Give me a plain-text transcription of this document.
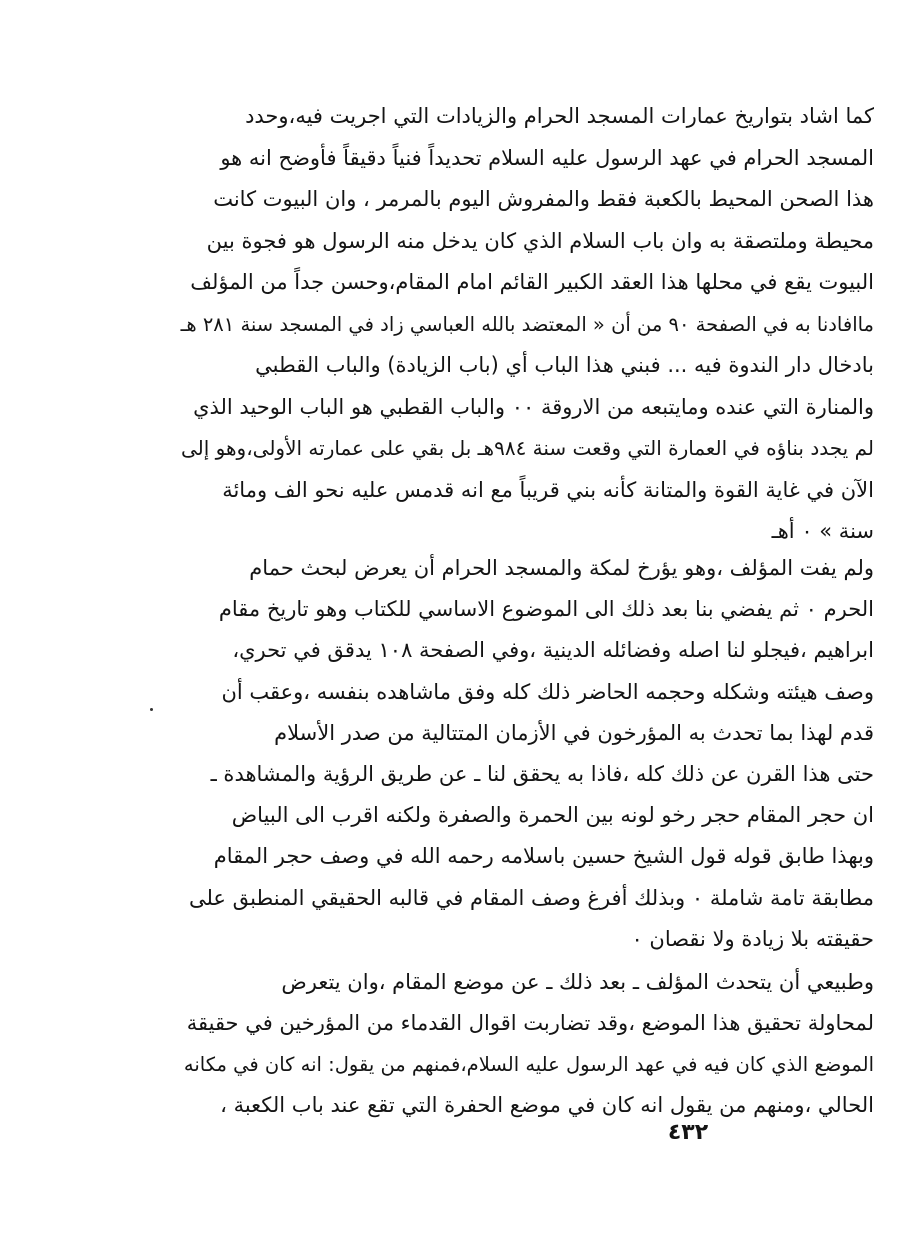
كما اشاد بتواريخ عمارات المسجد الحرام والزيادات التي اجريت فيه،وحدد
المسجد الحرام في عهد الرسول عليه السلام تحديداً فنياً دقيقاً فأوضح انه هو
هذا الصحن المحيط بالكعبة فقط والمفروش اليوم بالمرمر ، وان البيوت كانت
محيطة وملتصقة به وان باب السلام الذي كان يدخل منه الرسول هو فجوة بين
البيوت يقع في محلها هذا العقد الكبير القائم امام المقام،وحسن جداً من المؤلف
ماافادنا به في الصفحة ٩٠ من أن « المعتضد بالله العباسي زاد في المسجد سنة ٢٨١ هـ
بادخال دار الندوة فيه ... فبني هذا الباب أي (باب الزيادة) والباب القطبي
والمنارة التي عنده ومايتبعه من الاروقة ٠٠ والباب القطبي هو الباب الوحيد الذي
لم يجدد بناؤه في العمارة التي وقعت سنة ٩٨٤هـ بل بقي على عمارته الأولى،وهو إلى
الآن في غاية القوة والمتانة كأنه بني قريباً مع انه قدمس عليه نحو الف ومائة
سنة » ٠ أهـ
ولم يفت المؤلف ،وهو يؤرخ لمكة والمسجد الحرام أن يعرض لبحث حمام
الحرم ٠ ثم يفضي بنا بعد ذلك الى الموضوع الاساسي للكتاب وهو تاريخ مقام
ابراهيم ،فيجلو لنا اصله وفضائله الدينية ،وفي الصفحة ١٠٨ يدقق في تحري،
وصف هيئته وشكله وحجمه الحاضر ذلك كله وفق ماشاهده بنفسه ،وعقب أن
قدم لهذا بما تحدث به المؤرخون في الأزمان المتتالية من صدر الأسلام
حتى هذا القرن عن ذلك كله ،فاذا به يحقق لنا ـ عن طريق الرؤية والمشاهدة ـ
ان حجر المقام حجر رخو لونه بين الحمرة والصفرة ولكنه اقرب الى البياض
وبهذا طابق قوله قول الشيخ حسين باسلامه رحمه الله في وصف حجر المقام
مطابقة تامة شاملة ٠ وبذلك أفرغ وصف المقام في قالبه الحقيقي المنطبق على
حقيقته بلا زيادة ولا نقصان ٠
وطبيعي أن يتحدث المؤلف ـ بعد ذلك ـ عن موضع المقام ،وان يتعرض
لمحاولة تحقيق هذا الموضع ،وقد تضاربت اقوال القدماء من المؤرخين في حقيقة
الموضع الذي كان فيه في عهد الرسول عليه السلام،فمنهم من يقول: انه كان في مكانه
الحالي ،ومنهم من يقول انه كان في موضع الحفرة التي تقع عند باب الكعبة ،
٤٣٢
